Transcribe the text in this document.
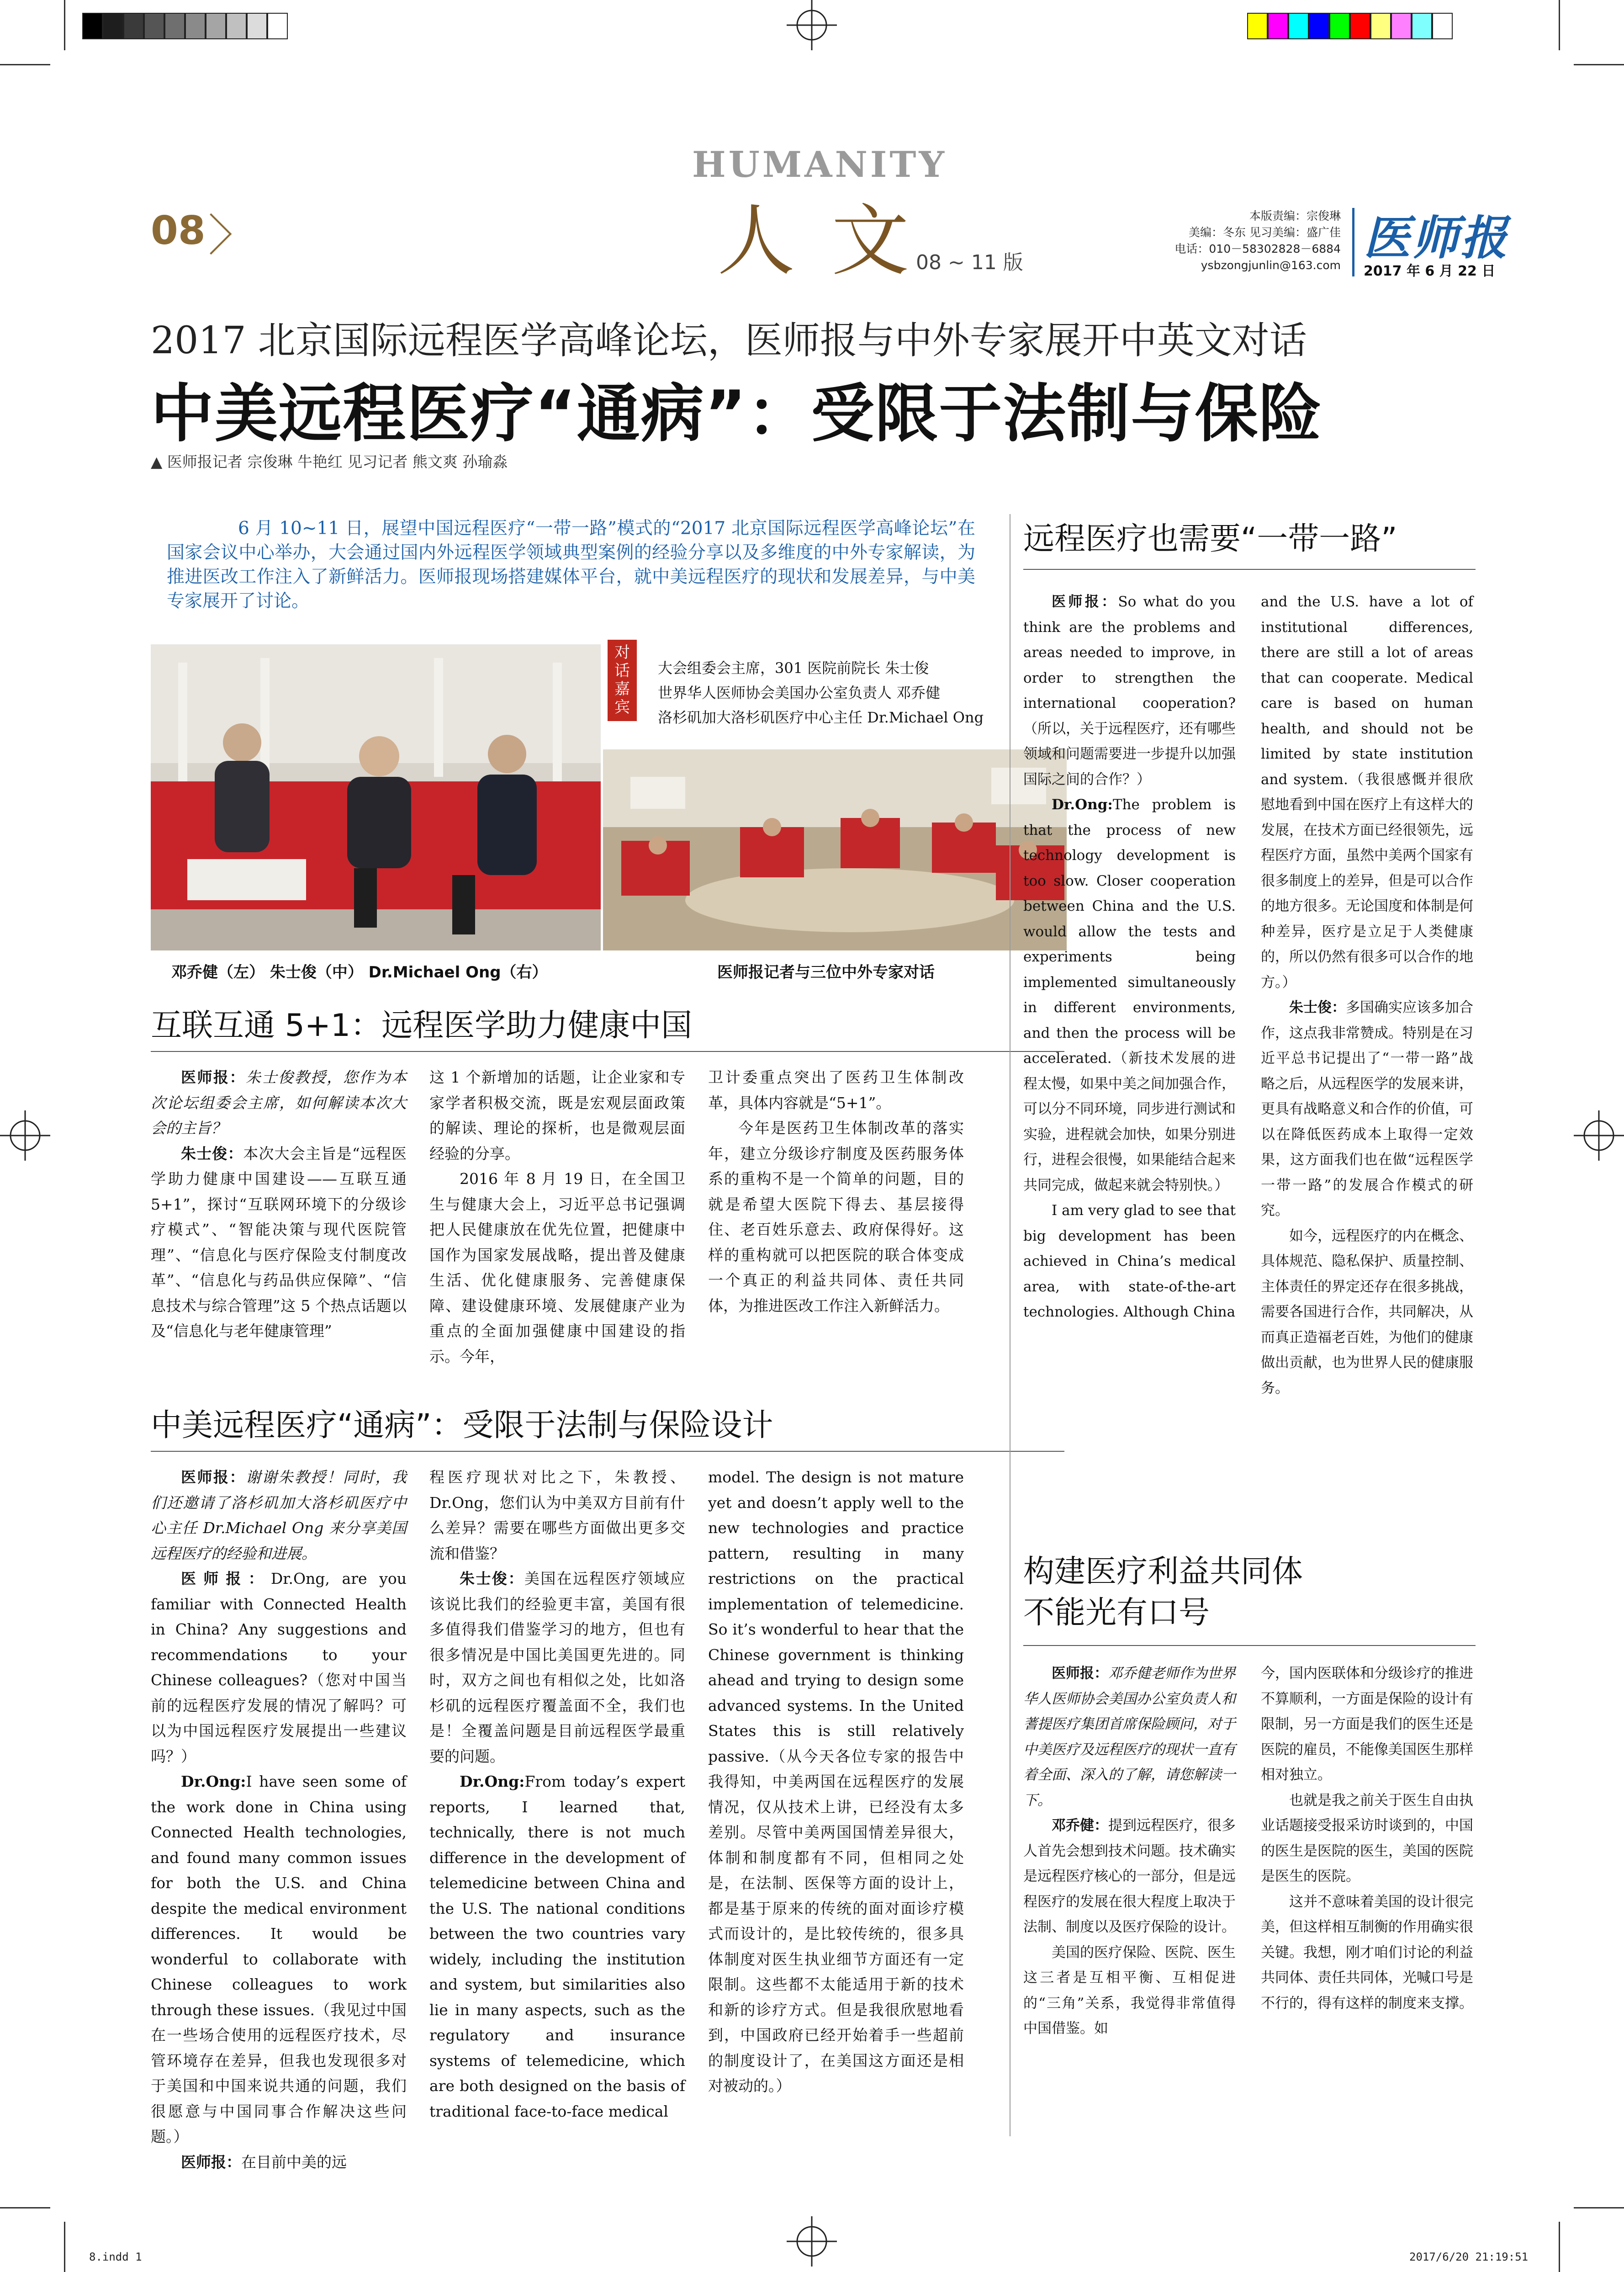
08
HUMANITY
人文
08 ~ 11 版
本版责编：宗俊琳
美编：冬东 见习美编：盛广佳
电话：010－58302828－6884
ysbzongjunlin@163.com 医师报
2017 年 6 月 22 日
2017 北京国际远程医学高峰论坛，医师报与中外专家展开中英文对话
中美远程医疗“通病”：受限于法制与保险
▲ 医师报记者 宗俊琳 牛艳红 见习记者 熊文爽 孙瑜淼
6 月 10~11 日，展望中国远程医疗“一带一路”模式的“2017 北京国际远程医学高峰论坛”在国家会议中心举办，大会通过国内外远程医学领域典型案例的经验分享以及多维度的中外专家解读，为推进医改工作注入了新鲜活力。医师报现场搭建媒体平台，就中美远程医疗的现状和发展差异，与中美专家展开了讨论。
对话嘉宾
大会组委会主席，301 医院前院长 朱士俊
世界华人医师协会美国办公室负责人 邓乔健
洛杉矶加大洛杉矶医疗中心主任 Dr.Michael Ong
邓乔健（左） 朱士俊（中） Dr.Michael Ong（右）	医师报记者与三位中外专家对话
互联互通 5+1：远程医学助力健康中国

医师报：朱士俊教授，您作为本次论坛组委会主席，如何解读本次大会的主旨？

朱士俊：本次大会主旨是“远程医学助力健康中国建设——互联互通 5+1”，探讨“互联网环境下的分级诊疗模式”、“智能决策与现代医院管理”、“信息化与医疗保险支付制度改革”、“信息化与药品供应保障”、“信息技术与综合管理”这 5 个热点话题以及“信息化与老年健康管理”

这 1 个新增加的话题，让企业家和专家学者积极交流，既是宏观层面政策的解读、理论的探析，也是微观层面经验的分享。

2016 年 8 月 19 日，在全国卫生与健康大会上，习近平总书记强调把人民健康放在优先位置，把健康中国作为国家发展战略，提出普及健康生活、优化健康服务、完善健康保障、建设健康环境、发展健康产业为重点的全面加强健康中国建设的指示。今年，

卫计委重点突出了医药卫生体制改革，具体内容就是“5+1”。

今年是医药卫生体制改革的落实年，建立分级诊疗制度及医药服务体系的重构不是一个简单的问题，目的就是希望大医院下得去、基层接得住、老百姓乐意去、政府保得好。这样的重构就可以把医院的联合体变成一个真正的利益共同体、责任共同体，为推进医改工作注入新鲜活力。

中美远程医疗“通病”：受限于法制与保险设计

医师报：谢谢朱教授！同时，我们还邀请了洛杉矶加大洛杉矶医疗中心主任 Dr.Michael Ong 来分享美国远程医疗的经验和进展。

医师报：Dr.Ong, are you familiar with Connected Health in China? Any suggestions and recommendations to your Chinese colleagues?（您对中国当前的远程医疗发展的情况了解吗？可以为中国远程医疗发展提出一些建议吗？）

Dr.Ong:I have seen some of the work done in China using Connected Health technologies, and found many common issues for both the U.S. and China despite the medical environment differences. It would be wonderful to collaborate with Chinese colleagues to work through these issues.（我见过中国在一些场合使用的远程医疗技术，尽管环境存在差异，但我也发现很多对于美国和中国来说共通的问题，我们很愿意与中国同事合作解决这些问题。）

医师报：在目前中美的远

程医疗现状对比之下，朱教授、Dr.Ong，您们认为中美双方目前有什么差异？需要在哪些方面做出更多交流和借鉴？

朱士俊：美国在远程医疗领域应该说比我们的经验更丰富，美国有很多值得我们借鉴学习的地方，但也有很多情况是中国比美国更先进的。同时，双方之间也有相似之处，比如洛杉矶的远程医疗覆盖面不全，我们也是！全覆盖问题是目前远程医学最重要的问题。

Dr.Ong:From today’s expert reports, I learned that, technically, there is not much difference in the development of telemedicine between China and the U.S. The national conditions between the two countries vary widely, including the institution and system, but similarities also lie in many aspects, such as the regulatory and insurance systems of telemedicine, which are both designed on the basis of traditional face-to-face medical

model. The design is not mature yet and doesn’t apply well to the new technologies and practice pattern, resulting in many restrictions on the practical implementation of telemedicine. So it’s wonderful to hear that the Chinese government is thinking ahead and trying to design some advanced systems. In the United States this is still relatively passive.（从今天各位专家的报告中我得知，中美两国在远程医疗的发展情况，仅从技术上讲，已经没有太多差别。尽管中美两国国情差异很大，体制和制度都有不同，但相同之处是，在法制、医保等方面的设计上，都是基于原来的传统的面对面诊疗模式而设计的，是比较传统的，很多具体制度对医生执业细节方面还有一定限制。这些都不太能适用于新的技术和新的诊疗方式。但是我很欣慰地看到，中国政府已经开始着手一些超前的制度设计了，在美国这方面还是相对被动的。）

远程医疗也需要“一带一路”

医师报：So what do you think are the problems and areas needed to improve, in order to strengthen the international cooperation?（所以，关于远程医疗，还有哪些领域和问题需要进一步提升以加强国际之间的合作？）

Dr.Ong:The problem is that the process of new technology development is too slow. Closer cooperation between China and the U.S. would allow the tests and experiments being implemented simultaneously in different environments, and then the process will be accelerated.（新技术发展的进程太慢，如果中美之间加强合作，可以分不同环境，同步进行测试和实验，进程就会加快，如果分别进行，进程会很慢，如果能结合起来共同完成，做起来就会特别快。）

I am very glad to see that big development has been achieved in China’s medical area, with state-of-the-art technologies. Although China

and the U.S. have a lot of institutional differences, there are still a lot of areas that can cooperate. Medical care is based on human health, and should not be limited by state institution and system.（我很感慨并很欣慰地看到中国在医疗上有这样大的发展，在技术方面已经很领先，远程医疗方面，虽然中美两个国家有很多制度上的差异，但是可以合作的地方很多。无论国度和体制是何种差异，医疗是立足于人类健康的，所以仍然有很多可以合作的地方。）

朱士俊：多国确实应该多加合作，这点我非常赞成。特别是在习近平总书记提出了“一带一路”战略之后，从远程医学的发展来讲，更具有战略意义和合作的价值，可以在降低医药成本上取得一定效果，这方面我们也在做“远程医学一带一路”的发展合作模式的研究。

如今，远程医疗的内在概念、具体规范、隐私保护、质量控制、主体责任的界定还存在很多挑战，需要各国进行合作，共同解决，从而真正造福老百姓，为他们的健康做出贡献，也为世界人民的健康服务。

构建医疗利益共同体
不能光有口号

医师报：邓乔健老师作为世界华人医师协会美国办公室负责人和蓍提医疗集团首席保险顾问，对于中美医疗及远程医疗的现状一直有着全面、深入的了解，请您解读一下。

邓乔健：提到远程医疗，很多人首先会想到技术问题。技术确实是远程医疗核心的一部分，但是远程医疗的发展在很大程度上取决于法制、制度以及医疗保险的设计。

美国的医疗保险、医院、医生这三者是互相平衡、互相促进的“三角”关系，我觉得非常值得中国借鉴。如

今，国内医联体和分级诊疗的推进不算顺利，一方面是保险的设计有限制，另一方面是我们的医生还是医院的雇员，不能像美国医生那样相对独立。

也就是我之前关于医生自由执业话题接受报采访时谈到的，中国的医生是医院的医生，美国的医院是医生的医院。

这并不意味着美国的设计很完美，但这样相互制衡的作用确实很关键。我想，刚才咱们讨论的利益共同体、责任共同体，光喊口号是不行的，得有这样的制度来支撑。

8.indd 1	2017/6/20 21:19:51
